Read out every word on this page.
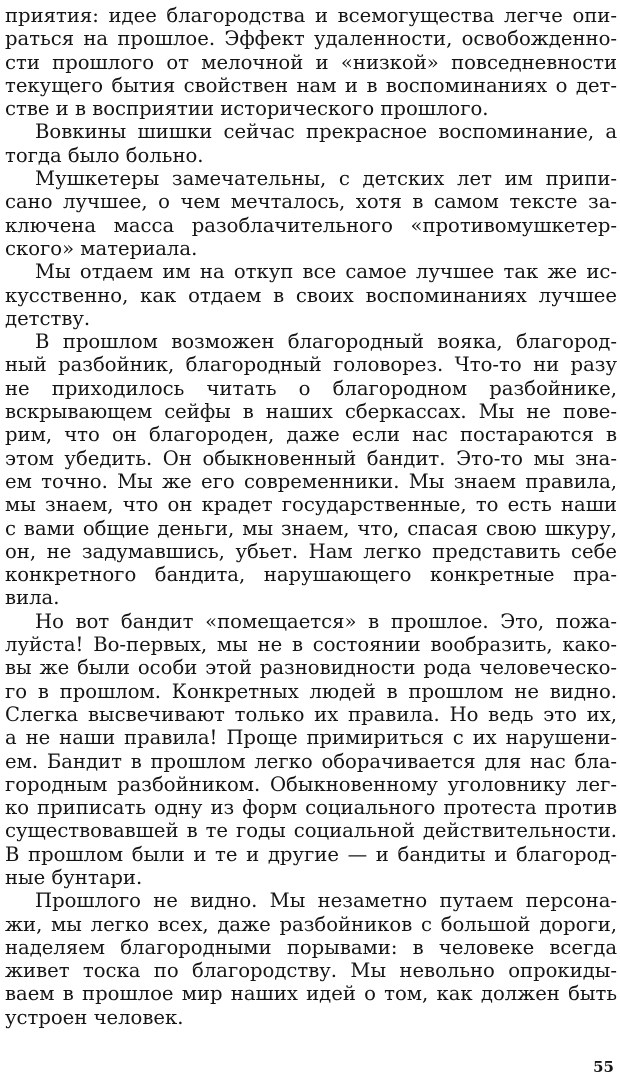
приятия: идее благородства и всемогущества легче опи-
раться на прошлое. Эффект удаленности, освобожденно-
сти прошлого от мелочной и «низкой» повседневности
текущего бытия свойствен нам и в воспоминаниях о дет-
стве и в восприятии исторического прошлого.
Вовкины шишки сейчас прекрасное воспоминание, а
тогда было больно.
Мушкетеры замечательны, с детских лет им припи-
сано лучшее, о чем мечталось, хотя в самом тексте за-
ключена масса разоблачительного «противомушкетер-
ского» материала.
Мы отдаем им на откуп все самое лучшее так же ис-
кусственно, как отдаем в своих воспоминаниях лучшее
детству.
В прошлом возможен благородный вояка, благород-
ный разбойник, благородный головорез. Что-то ни разу
не приходилось читать о благородном разбойнике,
вскрывающем сейфы в наших сберкассах. Мы не пове-
рим, что он благороден, даже если нас постараются в
этом убедить. Он обыкновенный бандит. Это-то мы зна-
ем точно. Мы же его современники. Мы знаем правила,
мы знаем, что он крадет государственные, то есть наши
с вами общие деньги, мы знаем, что, спасая свою шкуру,
он, не задумавшись, убьет. Нам легко представить себе
конкретного бандита, нарушающего конкретные пра-
вила.
Но вот бандит «помещается» в прошлое. Это, пожа-
луйста! Во-первых, мы не в состоянии вообразить, како-
вы же были особи этой разновидности рода человеческо-
го в прошлом. Конкретных людей в прошлом не видно.
Слегка высвечивают только их правила. Но ведь это их,
а не наши правила! Проще примириться с их нарушени-
ем. Бандит в прошлом легко оборачивается для нас бла-
городным разбойником. Обыкновенному уголовнику лег-
ко приписать одну из форм социального протеста против
существовавшей в те годы социальной действительности.
В прошлом были и те и другие — и бандиты и благород-
ные бунтари.
Прошлого не видно. Мы незаметно путаем персона-
жи, мы легко всех, даже разбойников с большой дороги,
наделяем благородными порывами: в человеке всегда
живет тоска по благородству. Мы невольно опрокиды-
ваем в прошлое мир наших идей о том, как должен быть
устроен человек.
55
